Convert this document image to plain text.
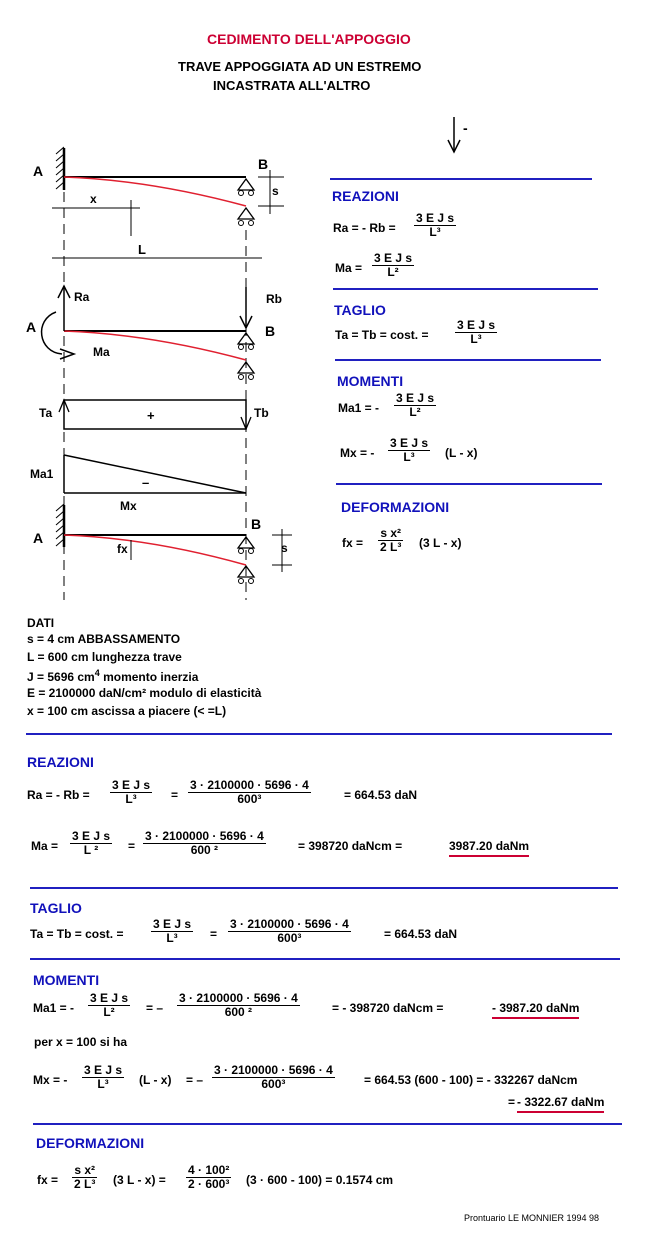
CEDIMENTO DELL'APPOGGIO
TRAVE APPOGGIATA AD UN ESTREMO
INCASTRATA ALL'ALTRO
-
A	B
s
x
L
Ra	Rb
A	B
Ma
Ta	Tb
+
Ma1
–
Mx
A
B
fx	s
REAZIONI
Ra = - $Rb = \frac{\text{3 E J s}}{\text{L³}}$
$Ma = \frac{\text{3 E J s}}{\text{L²}}$
TAGLIO
Ta = Tb = cost. = $\frac{\text{3 E J s}}{\text{L³}}$
MOMENTI
Ma1 = - $\frac{\text{3 E J s}}{\text{L²}}$
Mx = - $\frac{\text{3 E J s}}{\text{L³}} (L - x)$
DEFORMAZIONI
fx = $\frac{\text{s x²}}{\text{2 L³}} (3$ L - x)
DATI
s = 4 cm ABBASSAMENTO
L = 600 cm lunghezza trave
J = 5696 $cm^4$ momento inerzia
E = 2100000 daN/cm² modulo di elasticità
x = 100 cm ascissa a piacere (< =L)
REAZIONI
Ra = - $Rb = \frac{\text{3 E J s}}{\text{L³}} = \frac{3 \cdot 2100000 \cdot 5696 \cdot 4}{\text{600³}}$	= 664.53 daN
$Ma = \frac{\text{3 E J s}}{\text{L ²}} = \frac{3 \cdot 2100000 \cdot 5696 \cdot 4}{\text{600 ²}}$	= 398720 daNcm =	3987.20 daNm
TAGLIO
Ta = Tb = cost. = $\frac{\text{3 E J s}}{\text{L³}} = \frac{3 \cdot 2100000 \cdot 5696 \cdot 4}{\text{600³}}$	= 664.53 daN
MOMENTI
Ma1 = - $\frac{\text{3 E J s}}{\text{L²}}$ = – $\frac{3 \cdot 2100000 \cdot 5696 \cdot 4}{\text{600 ²}}$	= - 398720 daNcm =	- 3987.20 daNm
per x = 100 si ha
Mx = - $\frac{\text{3 E J s}}{\text{L³}} (L - x)$ = – $\frac{3 \cdot 2100000 \cdot 5696 \cdot 4}{\text{600³}} = 664.53$ (600 - 100) = - 332267 daNcm
= - 3322.67 daNm
DEFORMAZIONI
fx = $\frac{\text{s x²}}{\text{2 L³}} (3$ $L - x) = \frac{\text{4 · 100²}}{\text{2 · 600³}} (3 \cdot 600 - 100) = 0.1574$ cm
Prontuario LE MONNIER 1994 98
